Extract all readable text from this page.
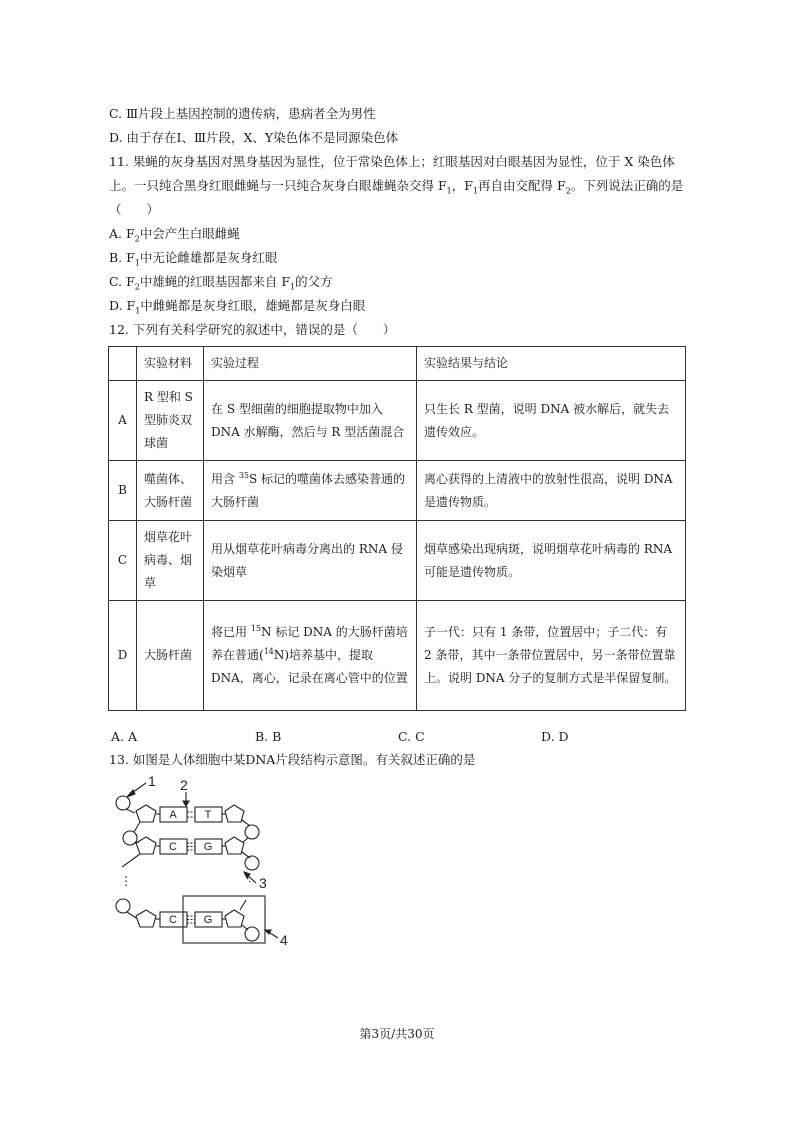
C. Ⅲ片段上基因控制的遗传病，患病者全为男性
D. 由于存在Ⅰ、Ⅲ片段，X、Y染色体不是同源染色体
11. 果蝇的灰身基因对黑身基因为显性，位于常染色体上；红眼基因对白眼基因为显性，位于 X 染色体
上。一只纯合黑身红眼雌蝇与一只纯合灰身白眼雄蝇杂交得 $F_1$，$F_1$再自由交配得 $F_2$。下列说法正确的是
（　　）
A. $F_2$中会产生白眼雌蝇
B. $F_1$中无论雌雄都是灰身红眼
C. $F_2$中雄蝇的红眼基因都来自 $F_1$的父方
D. $F_1$中雌蝇都是灰身红眼，雄蝇都是灰身白眼
12. 下列有关科学研究的叙述中，错误的是（　　）
	实验材料	实验过程	实验结果与结论
A	R 型和 S 型肺炎双球菌	在 S 型细菌的细胞提取物中加入 DNA 水解酶，然后与 R 型活菌混合	只生长 R 型菌，说明 DNA 被水解后，就失去遗传效应。
B	噬菌体、大肠杆菌	用含 $^{35}$S 标记的噬菌体去感染普通的大肠杆菌	离心获得的上清液中的放射性很高，说明 DNA 是遗传物质。
C	烟草花叶病毒、烟草	用从烟草花叶病毒分离出的 RNA 侵染烟草	烟草感染出现病斑，说明烟草花叶病毒的 RNA 可能是遗传物质。
D	大肠杆菌	将已用 $^{15}$N 标记 DNA 的大肠杆菌培养在普通($^{14}$N)培养基中，提取 DNA，离心，记录在离心管中的位置	子一代：只有 1 条带，位置居中；子二代：有 2 条带，其中一条带位置居中，另一条带位置靠上。说明 DNA 分子的复制方式是半保留复制。
A. A	B. B	C. C	D. D
13. 如图是人体细胞中某DNA片段结构示意图。有关叙述正确的是
⋮
A
C
C
T
G
G
1 2
3
4
第3页/共30页
